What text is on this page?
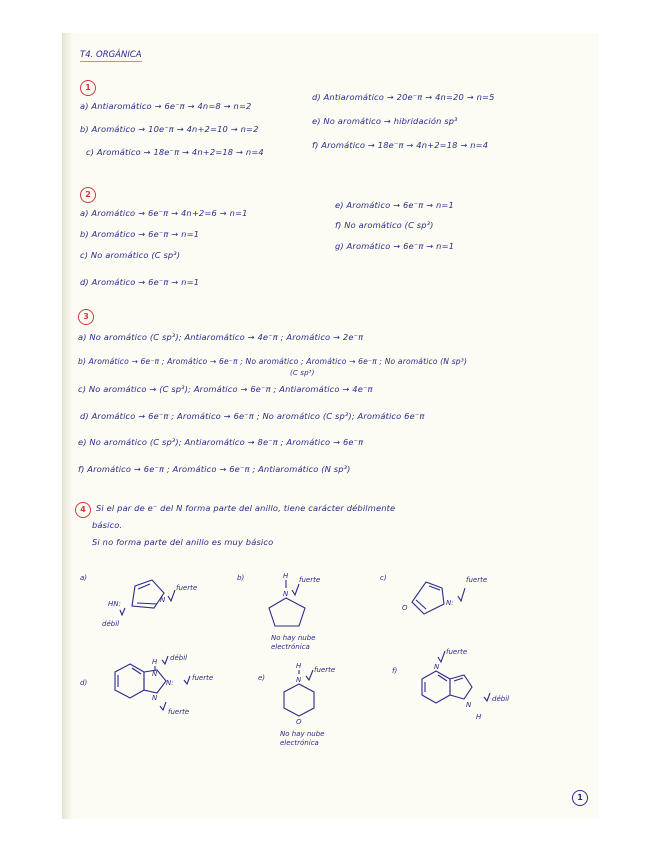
T4. ORGÁNICA
1

a) Antiaromático → 6e⁻π → 4n=8 → n=2

b) Aromático → 10e⁻π → 4n+2=10 → n=2

c) Aromático → 18e⁻π → 4n+2=18 → n=4

d) Antiaromático → 20e⁻π → 4n=20 → n=5

e) No aromático → hibridación sp³

f) Aromático → 18e⁻π → 4n+2=18 → n=4

2

a) Aromático → 6e⁻π → 4n+2=6 → n=1

b) Aromático → 6e⁻π → n=1

c) No aromático (C sp³)

d) Aromático → 6e⁻π → n=1

e) Aromático → 6e⁻π → n=1

f) No aromático (C sp³)

g) Aromático → 6e⁻π → n=1

3

a) No aromático (C sp³); Antiaromático → 4e⁻π ; Aromático → 2e⁻π

b) Aromático → 6e⁻π ; Aromático → 6e⁻π ; No aromático ; Aromático → 6e⁻π ; No aromático (N sp³)

(C sp³)

c) No aromático → (C sp³); Aromático → 6e⁻π ; Antiaromático → 4e⁻π

d) Aromático → 6e⁻π ; Aromático → 6e⁻π ; No aromático (C sp³); Aromático 6e⁻π

e) No aromático (C sp³); Antiaromático → 8e⁻π ; Aromático → 6e⁻π

f) Aromático → 6e⁻π ; Aromático → 6e⁻π ; Antiaromático (N sp³)

4	Si el par de e⁻ del N forma parte del anillo, tiene carácter débilmente

básico.

Si no forma parte del anillo es muy básico

a)
HN:	N
fuerte
débil
b)	H
N
fuerte
No hay nube
electrónica
c)
O
N:
fuerte
d)
H
N
N:
N
débil
fuerte
fuerte
e)
H
N
O
fuerte
No hay nube
electrónica
f)	N
N
H
fuerte
débil
1
